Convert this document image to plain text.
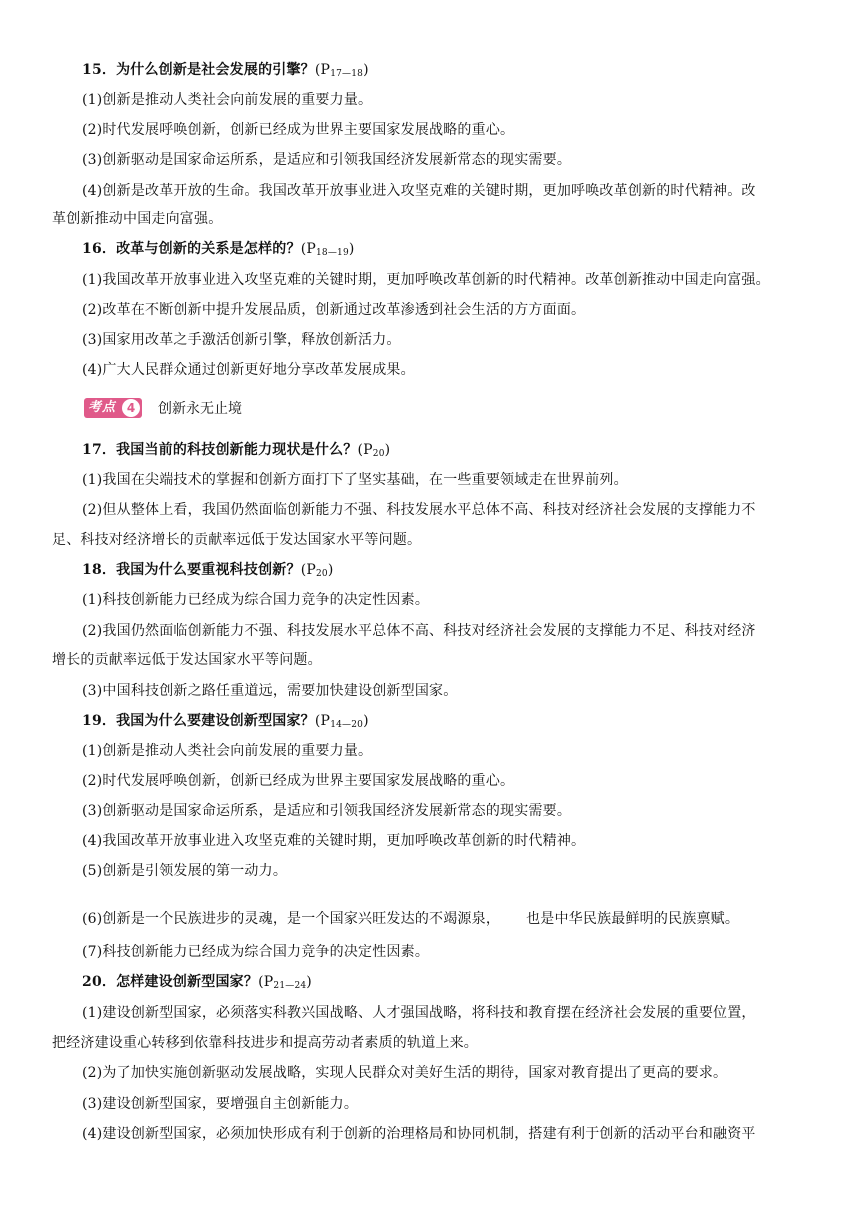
15．为什么创新是社会发展的引擎？$(P_{17—18})$
(1)创新是推动人类社会向前发展的重要力量。
(2)时代发展呼唤创新，创新已经成为世界主要国家发展战略的重心。
(3)创新驱动是国家命运所系，是适应和引领我国经济发展新常态的现实需要。
(4)创新是改革开放的生命。我国改革开放事业进入攻坚克难的关键时期，更加呼唤改革创新的时代精神。改
革创新推动中国走向富强。
16．改革与创新的关系是怎样的？$(P_{18—19})$
(1)我国改革开放事业进入攻坚克难的关键时期，更加呼唤改革创新的时代精神。改革创新推动中国走向富强。
(2)改革在不断创新中提升发展品质，创新通过改革渗透到社会生活的方方面面。
(3)国家用改革之手激活创新引擎，释放创新活力。
(4)广大人民群众通过创新更好地分享改革发展成果。
考点 4	创新永无止境
17．我国当前的科技创新能力现状是什么？$(P_{20})$
(1)我国在尖端技术的掌握和创新方面打下了坚实基础，在一些重要领域走在世界前列。
(2)但从整体上看，我国仍然面临创新能力不强、科技发展水平总体不高、科技对经济社会发展的支撑能力不
足、科技对经济增长的贡献率远低于发达国家水平等问题。
18．我国为什么要重视科技创新？$(P_{20})$
(1)科技创新能力已经成为综合国力竞争的决定性因素。
(2)我国仍然面临创新能力不强、科技发展水平总体不高、科技对经济社会发展的支撑能力不足、科技对经济
增长的贡献率远低于发达国家水平等问题。
(3)中国科技创新之路任重道远，需要加快建设创新型国家。
19．我国为什么要建设创新型国家？$(P_{14—20})$
(1)创新是推动人类社会向前发展的重要力量。
(2)时代发展呼唤创新，创新已经成为世界主要国家发展战略的重心。
(3)创新驱动是国家命运所系，是适应和引领我国经济发展新常态的现实需要。
(4)我国改革开放事业进入攻坚克难的关键时期，更加呼唤改革创新的时代精神。
(5)创新是引领发展的第一动力。
(6)创新是一个民族进步的灵魂，是一个国家兴旺发达的不竭源泉，　　 也是中华民族最鲜明的民族禀赋。
(7)科技创新能力已经成为综合国力竞争的决定性因素。
20．怎样建设创新型国家？$(P_{21—24})$
(1)建设创新型国家，必须落实科教兴国战略、人才强国战略，将科技和教育摆在经济社会发展的重要位置，
把经济建设重心转移到依靠科技进步和提高劳动者素质的轨道上来。
(2)为了加快实施创新驱动发展战略，实现人民群众对美好生活的期待，国家对教育提出了更高的要求。
(3)建设创新型国家，要增强自主创新能力。
(4)建设创新型国家，必须加快形成有利于创新的治理格局和协同机制，搭建有利于创新的活动平台和融资平
